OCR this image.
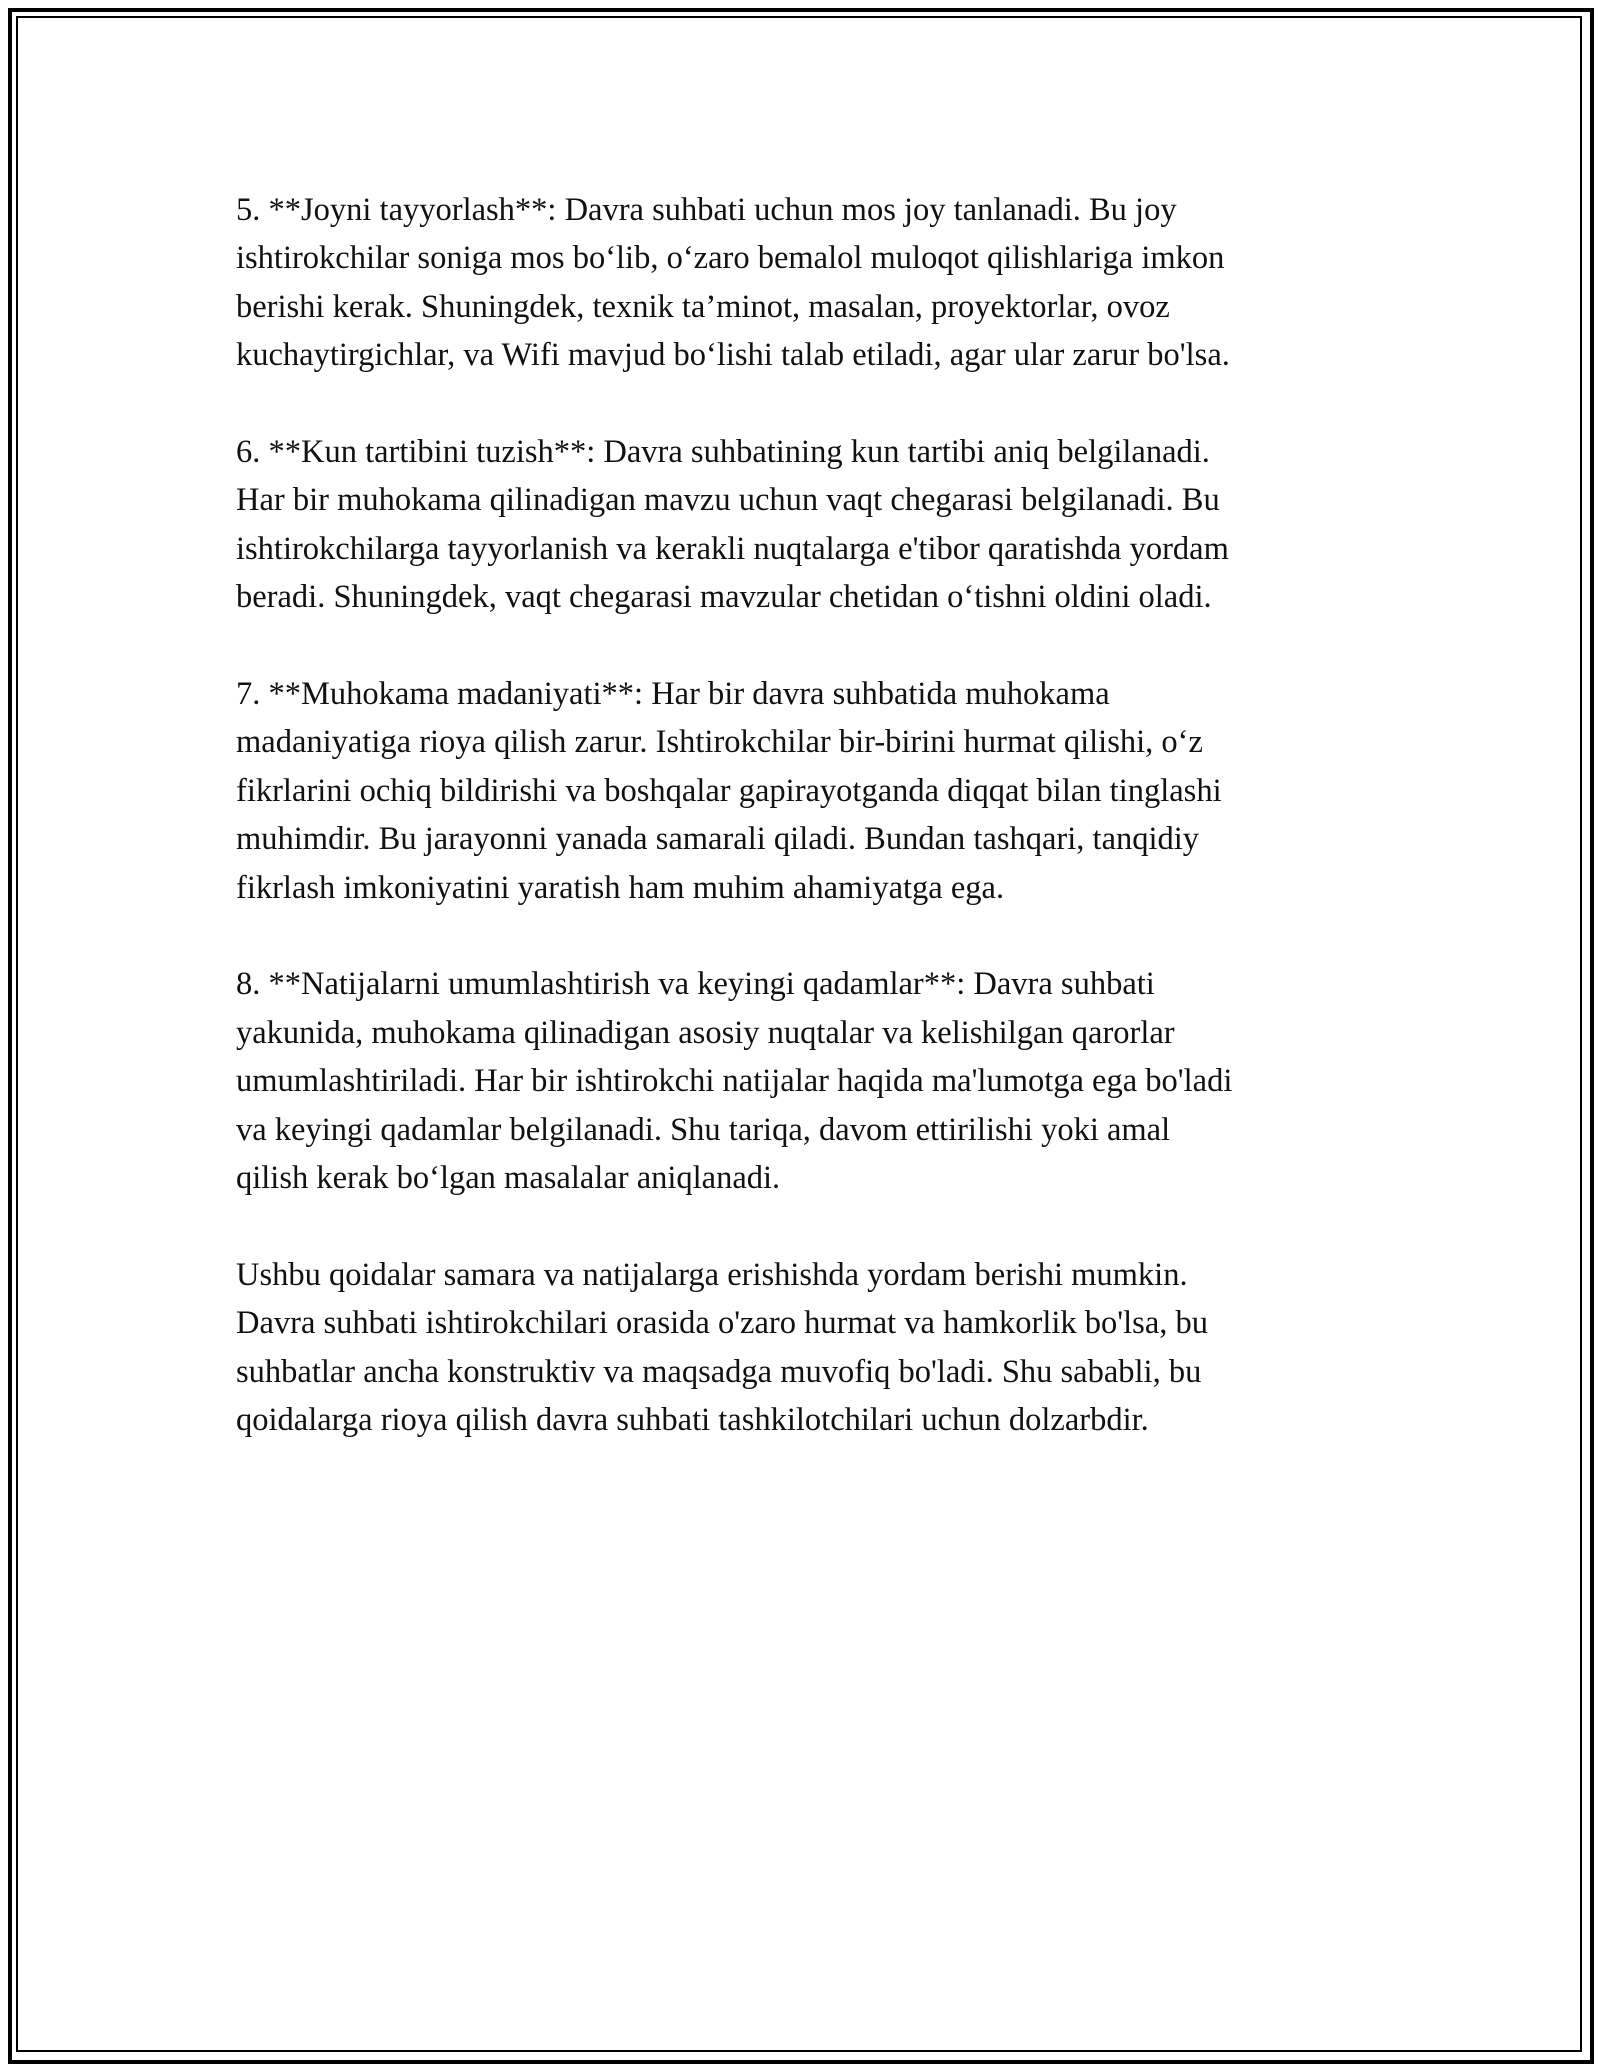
5. **Joyni tayyorlash**: Davra suhbati uchun mos joy tanlanadi. Bu joy
ishtirokchilar soniga mos bo‘lib, o‘zaro bemalol muloqot qilishlariga imkon
berishi kerak. Shuningdek, texnik ta’minot, masalan, proyektorlar, ovoz
kuchaytirgichlar, va Wifi mavjud bo‘lishi talab etiladi, agar ular zarur bo'lsa.

6. **Kun tartibini tuzish**: Davra suhbatining kun tartibi aniq belgilanadi.
Har bir muhokama qilinadigan mavzu uchun vaqt chegarasi belgilanadi. Bu
ishtirokchilarga tayyorlanish va kerakli nuqtalarga e'tibor qaratishda yordam
beradi. Shuningdek, vaqt chegarasi mavzular chetidan o‘tishni oldini oladi.

7. **Muhokama madaniyati**: Har bir davra suhbatida muhokama
madaniyatiga rioya qilish zarur. Ishtirokchilar bir-birini hurmat qilishi, o‘z
fikrlarini ochiq bildirishi va boshqalar gapirayotganda diqqat bilan tinglashi
muhimdir. Bu jarayonni yanada samarali qiladi. Bundan tashqari, tanqidiy
fikrlash imkoniyatini yaratish ham muhim ahamiyatga ega.

8. **Natijalarni umumlashtirish va keyingi qadamlar**: Davra suhbati
yakunida, muhokama qilinadigan asosiy nuqtalar va kelishilgan qarorlar
umumlashtiriladi. Har bir ishtirokchi natijalar haqida ma'lumotga ega bo'ladi
va keyingi qadamlar belgilanadi. Shu tariqa, davom ettirilishi yoki amal
qilish kerak bo‘lgan masalalar aniqlanadi.

Ushbu qoidalar samara va natijalarga erishishda yordam berishi mumkin.
Davra suhbati ishtirokchilari orasida o'zaro hurmat va hamkorlik bo'lsa, bu
suhbatlar ancha konstruktiv va maqsadga muvofiq bo'ladi. Shu sababli, bu
qoidalarga rioya qilish davra suhbati tashkilotchilari uchun dolzarbdir.
